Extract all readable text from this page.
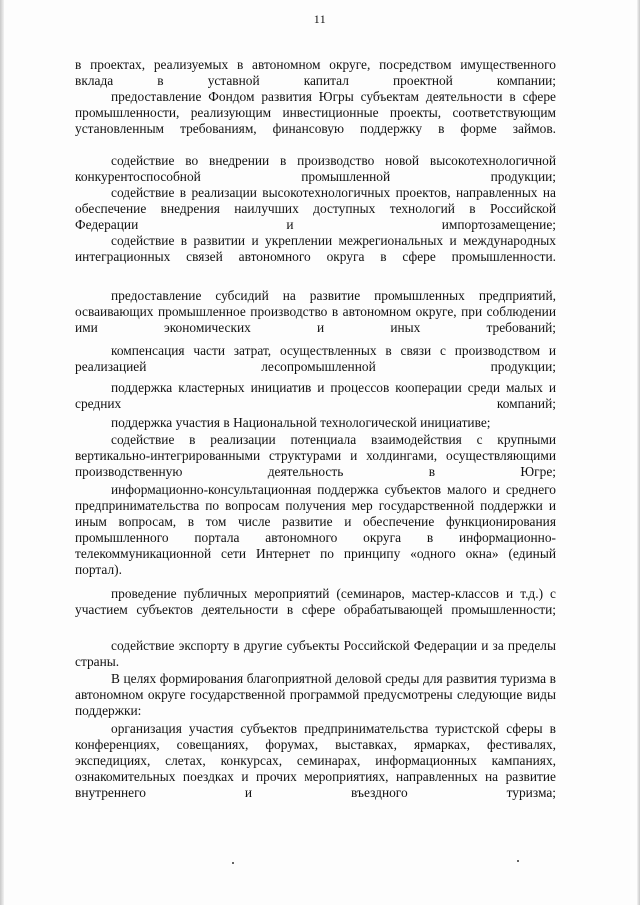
11

в проектах, реализуемых в автономном округе, посредством имущественного вклада в уставной капитал проектной компании;

предоставление Фондом развития Югры субъектам деятельности в сфере промышленности, реализующим инвестиционные проекты, соответствующим установленным требованиям, финансовую поддержку в форме займов.

содействие во внедрении в производство новой высокотехнологичной конкурентоспособной промышленной продукции;

содействие в реализации высокотехнологичных проектов, направленных на обеспечение внедрения наилучших доступных технологий в Российской Федерации и импортозамещение;

содействие в развитии и укреплении межрегиональных и международных интеграционных связей автономного округа в сфере промышленности.

предоставление субсидий на развитие промышленных предприятий, осваивающих промышленное производство в автономном округе, при соблюдении ими экономических и иных требований;

компенсация части затрат, осуществленных в связи с производством и реализацией лесопромышленной продукции;

поддержка кластерных инициатив и процессов кооперации среди малых и средних компаний;

поддержка участия в Национальной технологической инициативе;

содействие в реализации потенциала взаимодействия с крупными вертикально-интегрированными структурами и холдингами, осуществляющими производственную деятельность в Югре;

информационно-консультационная поддержка субъектов малого и среднего предпринимательства по вопросам получения мер государственной поддержки и иным вопросам, в том числе развитие и обеспечение функционирования промышленного портала автономного округа в информационно-телекоммуникационной сети Интернет по принципу «одного окна» (единый портал).

проведение публичных мероприятий (семинаров, мастер-классов и т.д.) с участием субъектов деятельности в сфере обрабатывающей промышленности;

содействие экспорту в другие субъекты Российской Федерации и за пределы страны.

В целях формирования благоприятной деловой среды для развития туризма в автономном округе государственной программой предусмотрены следующие виды поддержки:

организация участия субъектов предпринимательства туристской сферы в конференциях, совещаниях, форумах, выставках, ярмарках, фестивалях, экспедициях, слетах, конкурсах, семинарах, информационных кампаниях, ознакомительных поездках и прочих мероприятиях, направленных на развитие внутреннего и въездного туризма;
